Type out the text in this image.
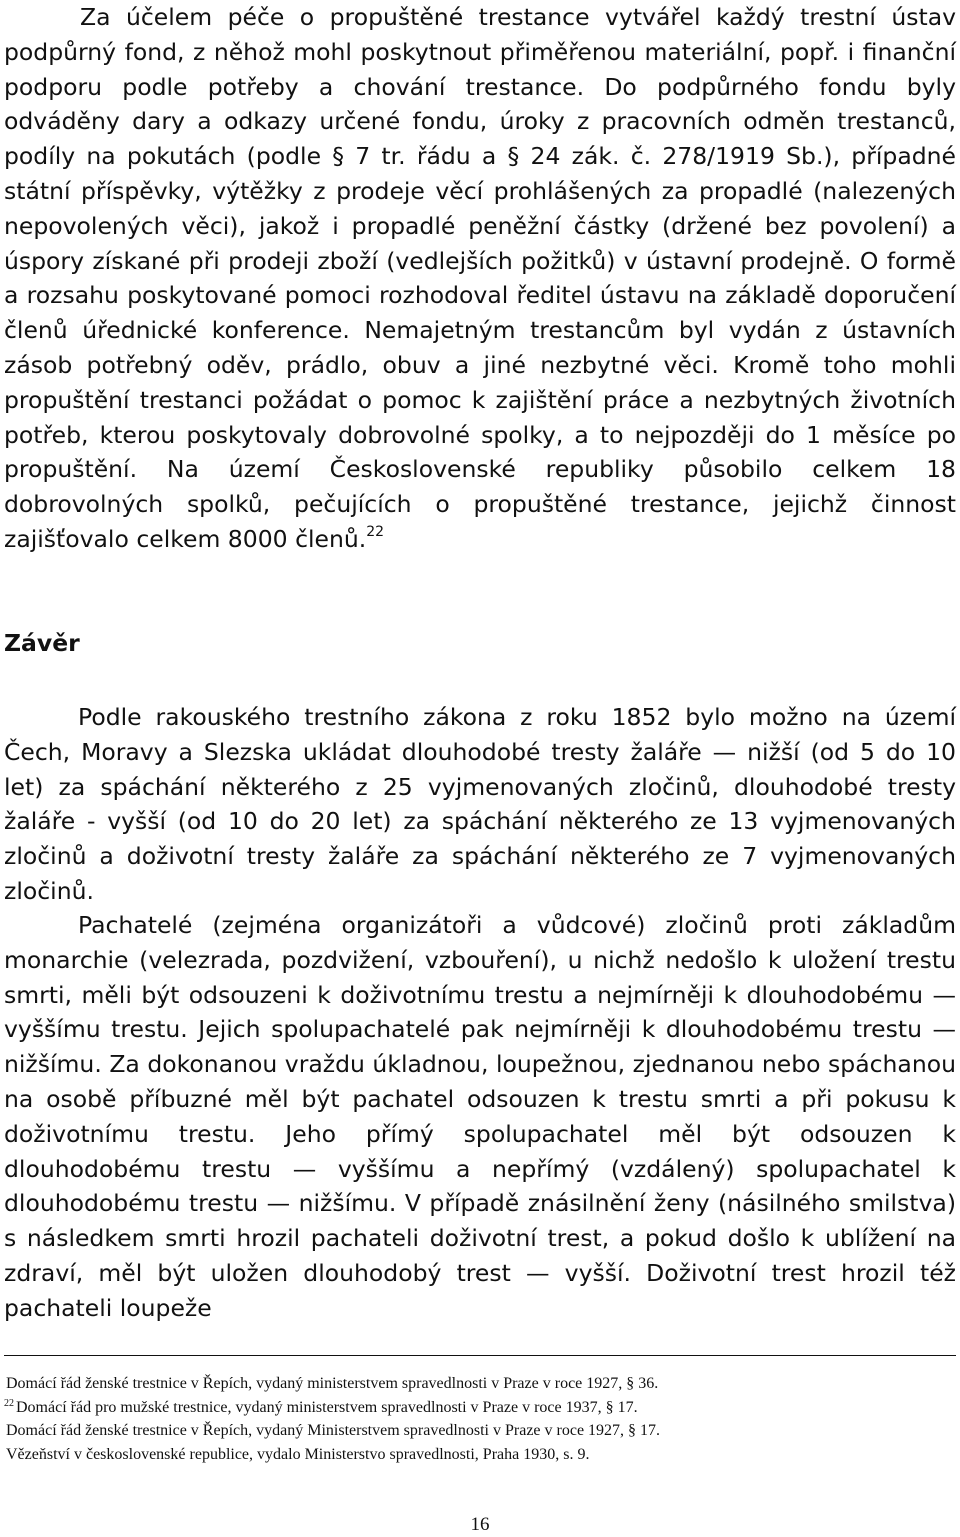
Za účelem péče o propuštěné trestance vytvářel každý trestní ústav podpůrný fond, z něhož mohl poskytnout přiměřenou materiální, popř. i finanční podporu podle potřeby a chování trestance. Do podpůrného fondu byly odváděny dary a odkazy určené fondu, úroky z pracovních odměn trestanců, podíly na pokutách (podle § 7 tr. řádu a § 24 zák. č. 278/1919 Sb.), případné státní příspěvky, výtěžky z prodeje věcí prohlášených za propadlé (nalezených nepovolených věci), jakož i propadlé peněžní částky (držené bez povolení) a úspory získané při prodeji zboží (vedlejších požitků) v ústavní prodejně. O formě a rozsahu poskytované pomoci rozhodoval ředitel ústavu na základě doporučení členů úřednické konference. Nemajetným trestancům byl vydán z ústavních zásob potřebný oděv, prádlo, obuv a jiné nezbytné věci. Kromě toho mohli propuštění trestanci požádat o pomoc k zajištění práce a nezbytných životních potřeb, kterou poskytovaly dobrovolné spolky, a to nejpozději do 1 měsíce po propuštění. Na území Československé republiky působilo celkem 18 dobrovolných spolků, pečujících o propuštěné trestance, jejichž činnost zajišťovalo celkem 8000 členů.$^{22}$

Závěr

Podle rakouského trestního zákona z roku 1852 bylo možno na území Čech, Moravy a Slezska ukládat dlouhodobé tresty žaláře — nižší (od 5 do 10 let) za spáchání některého z 25 vyjmenovaných zločinů, dlouhodobé tresty žaláře - vyšší (od 10 do 20 let) za spáchání některého ze 13 vyjmenovaných zločinů a doživotní tresty žaláře za spáchání některého ze 7 vyjmenovaných zločinů.

Pachatelé (zejména organizátoři a vůdcové) zločinů proti základům monarchie (velezrada, pozdvižení, vzbouření), u nichž nedošlo k uložení trestu smrti, měli být odsouzeni k doživotnímu trestu a nejmírněji k dlouhodobému — vyššímu trestu. Jejich spolupachatelé pak nejmírněji k dlouhodobému trestu — nižšímu. Za dokonanou vraždu úkladnou, loupežnou, zjednanou nebo spáchanou na osobě příbuzné měl být pachatel odsouzen k trestu smrti a při pokusu k doživotnímu trestu. Jeho přímý spolupachatel měl být odsouzen k dlouhodobému trestu — vyššímu a nepřímý (vzdálený) spolupachatel k dlouhodobému trestu — nižšímu. V případě znásilnění ženy (násilného smilstva) s následkem smrti hrozil pachateli doživotní trest, a pokud došlo k ublížení na zdraví, měl být uložen dlouhodobý trest — vyšší. Doživotní trest hrozil též pachateli loupeže

Domácí řád ženské trestnice v Řepích, vydaný ministerstvem spravedlnosti v Praze v roce 1927, § 36.
$^{22}$ Domácí řád pro mužské trestnice, vydaný ministerstvem spravedlnosti v Praze v roce 1937, § 17.
Domácí řád ženské trestnice v Řepích, vydaný Ministerstvem spravedlnosti v Praze v roce 1927, § 17.
Vězeňství v československé republice, vydalo Ministerstvo spravedlnosti, Praha 1930, s. 9.
16
